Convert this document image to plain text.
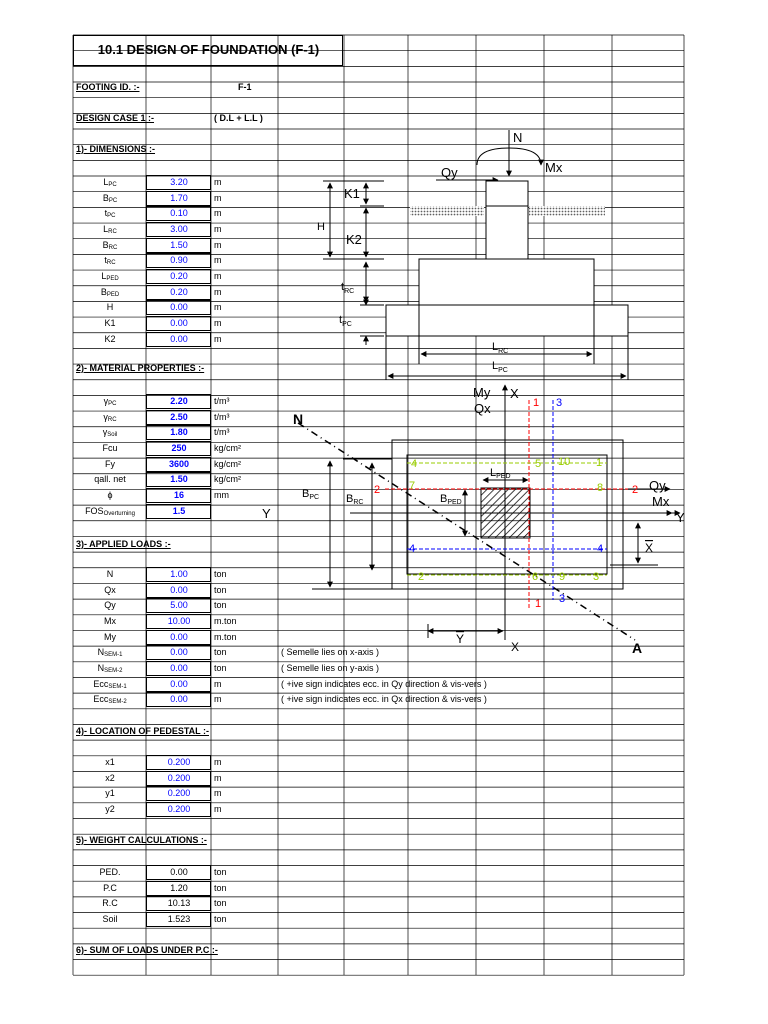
10.1 DESIGN OF FOUNDATION (F-1)
FOOTING ID. :-	F-1
DESIGN CASE 1 :-	( D.L + L.L )
1)- DIMENSIONS :-
2)- MATERIAL PROPERTIES :-
3)- APPLIED LOADS :-
4)- LOCATION OF PEDESTAL :-
5)- WEIGHT CALCULATIONS :-
6)- SUM OF LOADS UNDER P.C :-
$L_{PC}$	3.20	m
$B_{PC}$	1.70	m
$t_{PC}$	0.10	m
$L_{RC}$	3.00	m
$B_{RC}$	1.50	m
$t_{RC}$	0.90	m
$L_{PED}$	0.20	m
$B_{PED}$	0.20	m
H	0.00	m
K1	0.00	m
K2	0.00	m
$\gamma_{PC}$	2.20	t/m³
$\gamma_{RC}$	2.50	t/m³
$\gamma_{Soil}$	1.80	t/m³
Fcu	250	kg/cm²
Fy	3600	kg/cm²
qall. net	1.50	kg/cm²
ϕ	16	mm
$FOS_{Overturning}$	1.5
N	1.00	ton
Qx	0.00	ton
Qy	5.00	ton
Mx	10.00	m.ton
My	0.00	m.ton
$N_{SEM-1}$	0.00	ton	( Semelle lies on x-axis )
$N_{SEM-2}$	0.00	ton	( Semelle lies on y-axis )
Ecc$_{SEM-1}$	0.00	m	( +ive sign indicates ecc. in Qy direction & vis-vers )
Ecc$_{SEM-2}$	0.00	m	( +ive sign indicates ecc. in Qx direction & vis-vers )
x1	0.200	m
x2	0.200	m
y1	0.200	m
y2	0.200	m
PED.	0.00	ton
P.C	1.20	ton
R.C	10.13	ton
Soil	1.523	ton
N
Qy	Mx
K1
K2
H
$t_{RC}$
$t_{PC}$
$L_{RC}$
$L_{PC}$
My X
Qx
N
A
Y	Y
Qy
Mx
X
BPC BRC	BPED
LPED
X
Y
1 3
2	2
4	5 10 1
7	8
4	4
2	6 9	3
1 3
